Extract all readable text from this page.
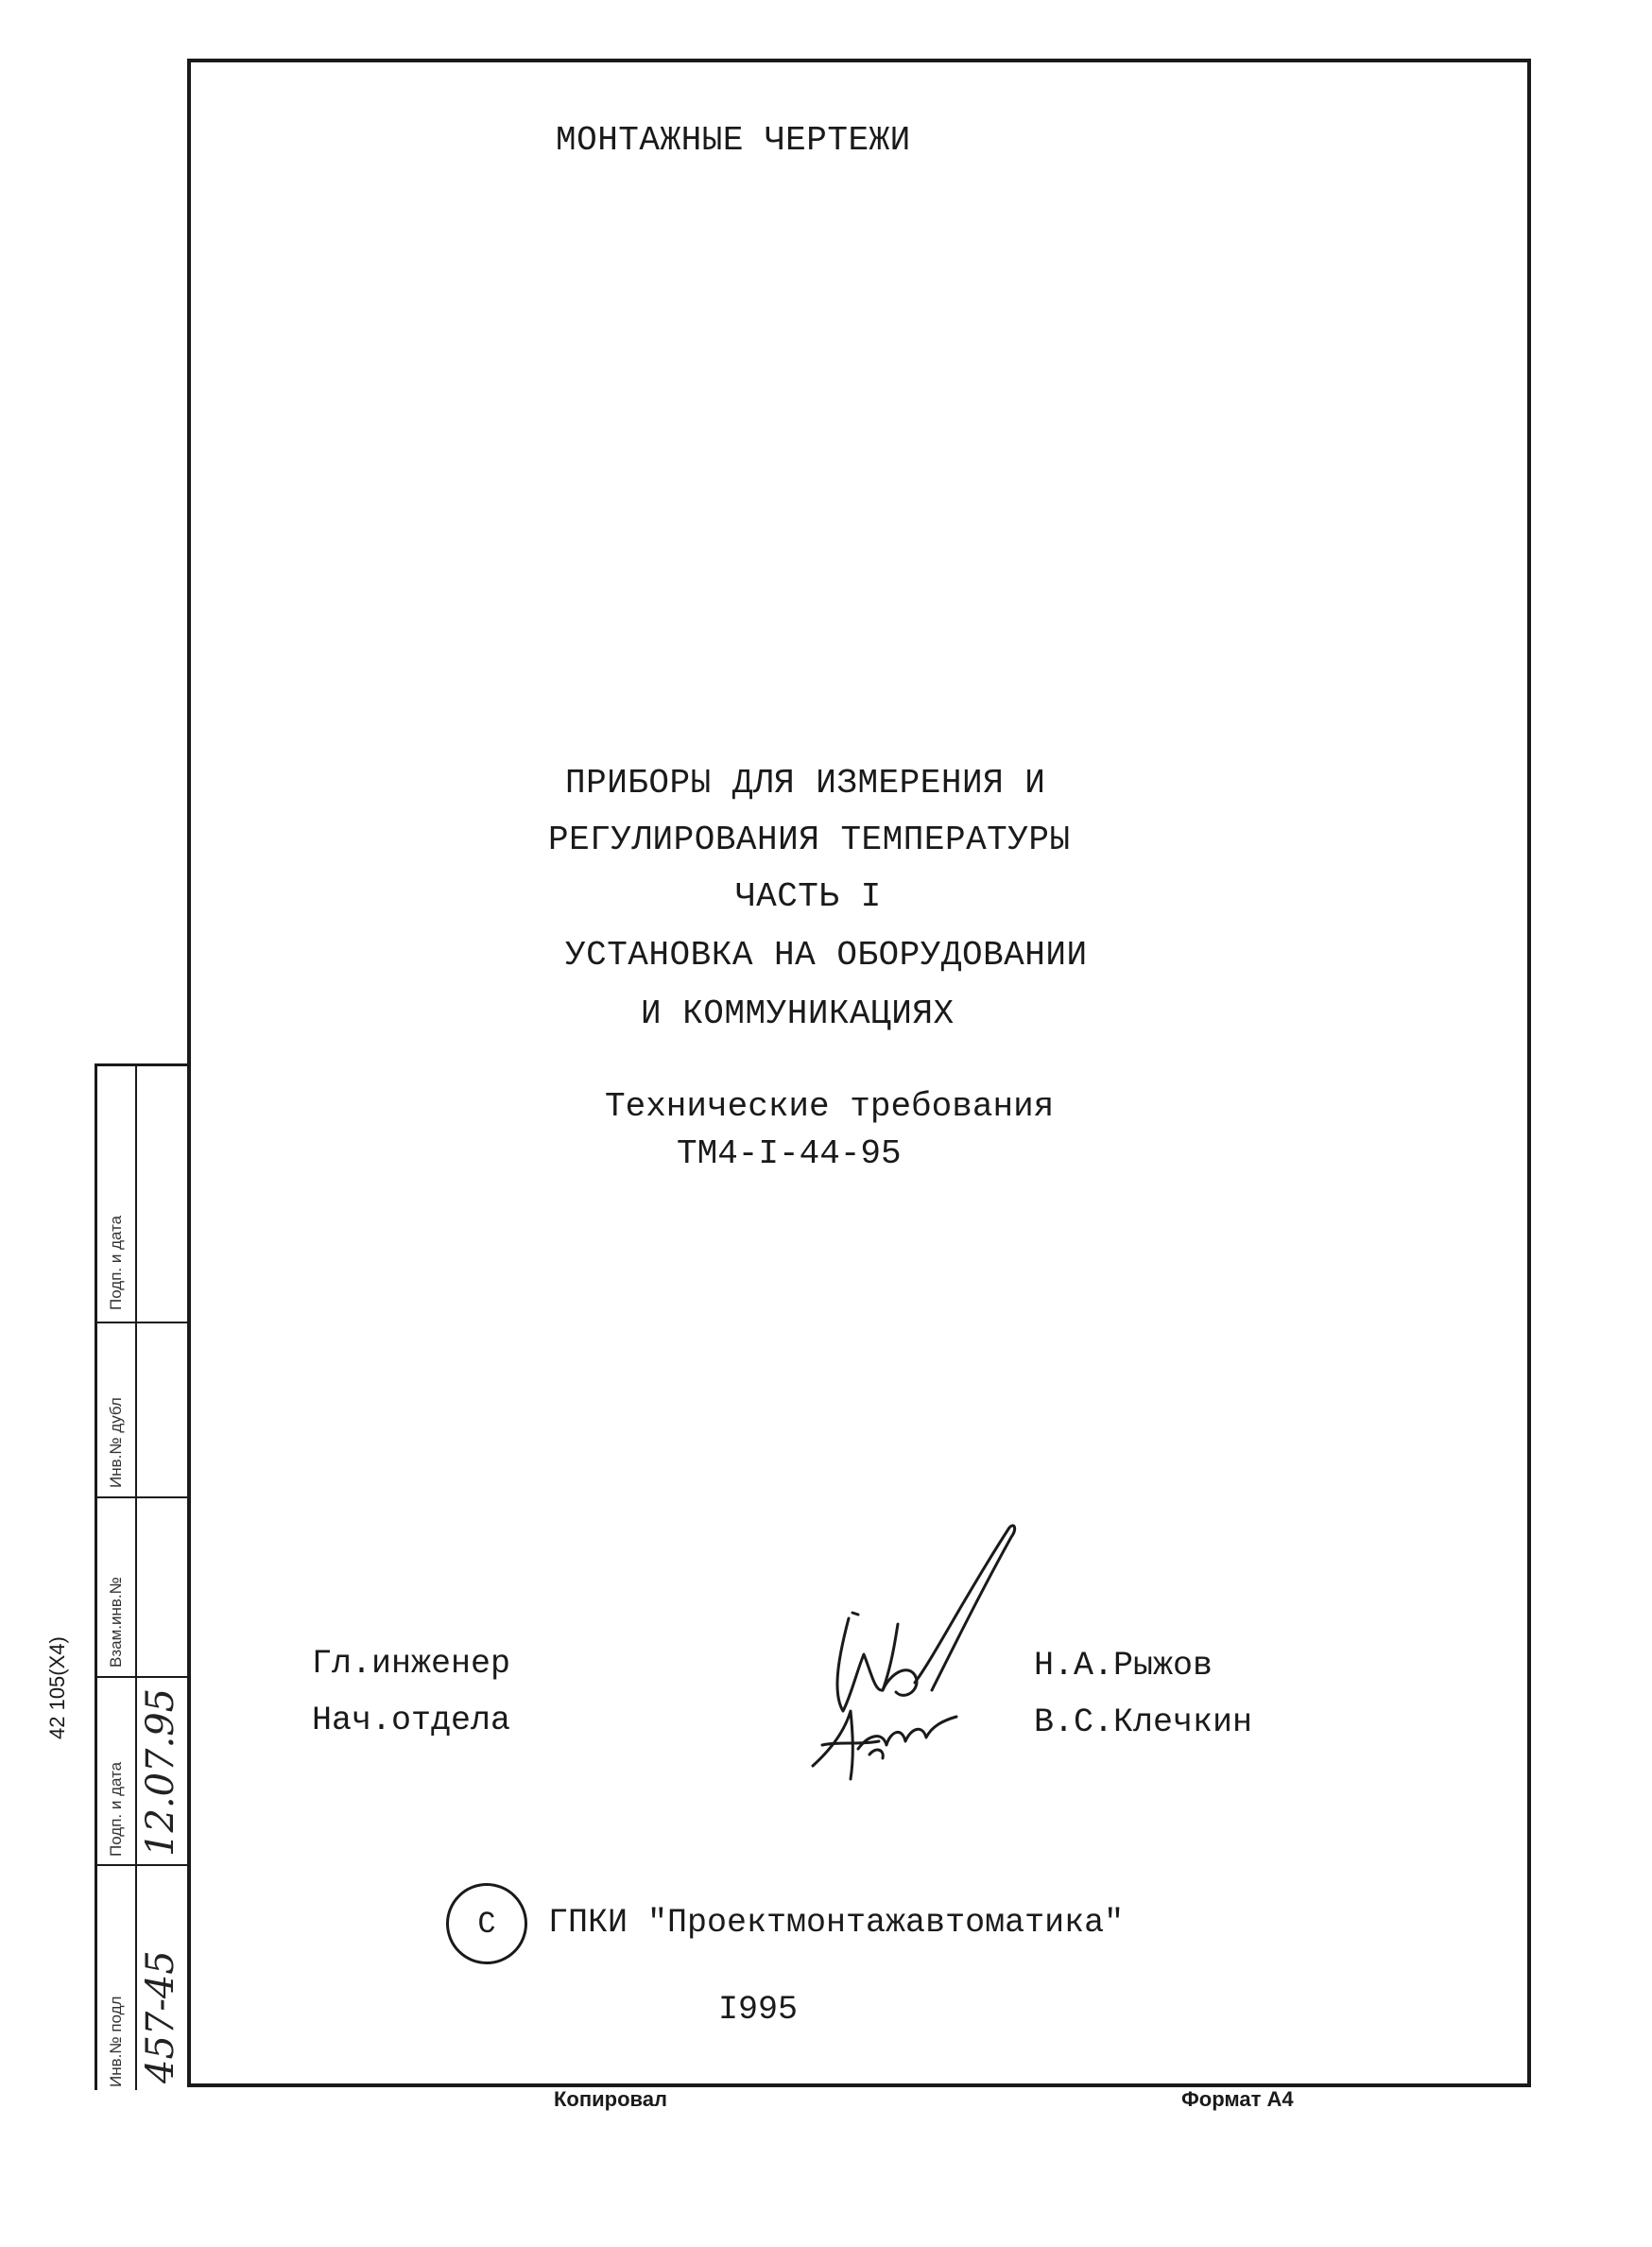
МОНТАЖНЫЕ ЧЕРТЕЖИ
ПРИБОРЫ ДЛЯ ИЗМЕРЕНИЯ И
РЕГУЛИРОВАНИЯ ТЕМПЕРАТУРЫ
ЧАСТЬ I
УСТАНОВКА НА ОБОРУДОВАНИИ
И КОММУНИКАЦИЯХ
Технические требования
ТМ4-I-44-95
Гл.инженер
Нач.отдела
Н.А.Рыжов
В.С.Клечкин
С ГПКИ "Проектмонтажавтоматика"
I995
42 105(Х4)
Инв.№ подл
Подп. и дата
Взам.инв.№
Инв.№ дубл
Подп. и дата
457-45
12.07.95
Копировал	Формат А4
